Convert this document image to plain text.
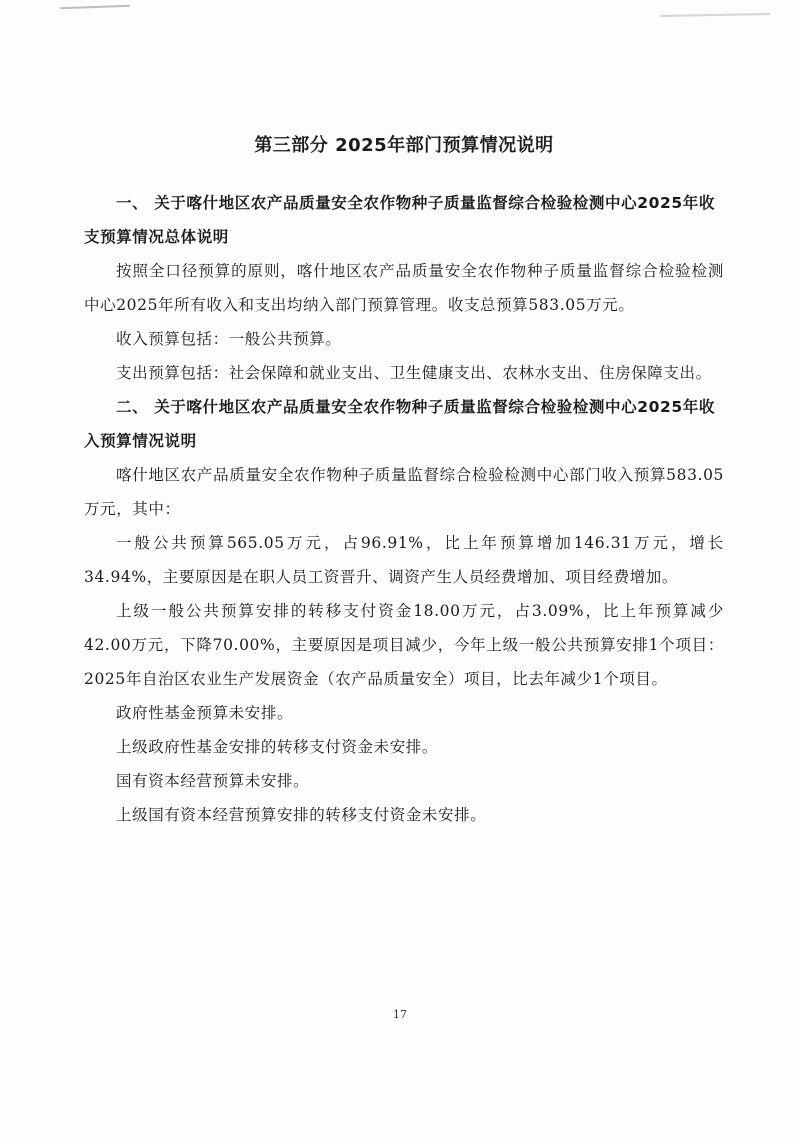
第三部分 2025年部门预算情况说明

一、 关于喀什地区农产品质量安全农作物种子质量监督综合检验检测中心2025年收支预算情况总体说明

按照全口径预算的原则，喀什地区农产品质量安全农作物种子质量监督综合检验检测中心2025年所有收入和支出均纳入部门预算管理。收支总预算583.05万元。

收入预算包括：一般公共预算。

支出预算包括：社会保障和就业支出、卫生健康支出、农林水支出、住房保障支出。

二、 关于喀什地区农产品质量安全农作物种子质量监督综合检验检测中心2025年收入预算情况说明

喀什地区农产品质量安全农作物种子质量监督综合检验检测中心部门收入预算583.05万元，其中：

一般公共预算565.05万元，占96.91%，比上年预算增加146.31万元，增长34.94%，主要原因是在职人员工资晋升、调资产生人员经费增加、项目经费增加。

上级一般公共预算安排的转移支付资金18.00万元，占3.09%，比上年预算减少42.00万元，下降70.00%，主要原因是项目减少，今年上级一般公共预算安排1个项目：2025年自治区农业生产发展资金（农产品质量安全）项目，比去年减少1个项目。

政府性基金预算未安排。

上级政府性基金安排的转移支付资金未安排。

国有资本经营预算未安排。

上级国有资本经营预算安排的转移支付资金未安排。

17
